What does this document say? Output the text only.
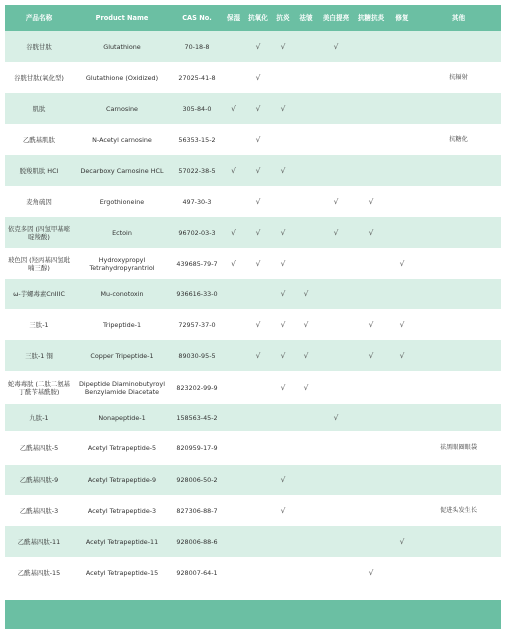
产品名称	Product Name	CAS No.	保湿	抗氧化	抗炎	祛皱	美白提亮	抗糖抗炎	修复	其他
谷胱甘肽	Glutathione	70-18-8		√	√		√			
谷胱甘肽(氧化型)	Glutathione (Oxidized)	27025-41-8		√						抗辐射
肌肽	Carnosine	305-84-0	√	√	√					
乙酰基肌肽	N-Acetyl carnosine	56353-15-2		√						抗糖化
脱羧肌肽 HCl	Decarboxy Carnosine HCL	57022-38-5	√	√	√					
麦角硫因	Ergothioneine	497-30-3		√			√	√		
依克多因 (四氢甲基嘧啶羧酸)	Ectoin	96702-03-3	√	√	√		√	√		
玻色因 (羟丙基四氢吡喃三醇)	Hydroxypropyl Tetrahydropyrantriol	439685-79-7	√	√	√				√	
ω-芋螺毒素CnIIIC	Mu-conotoxin	936616-33-0			√	√				
三肽-1	Tripeptide-1	72957-37-0		√	√	√		√	√	
三肽-1 铜	Copper Tripeptide-1	89030-95-5		√	√	√		√	√	
蛇毒毒肽 (二肽二氨基丁酰苄基酰胺)	Dipeptide Diaminobutyroyl Benzylamide Diacetate	823202-99-9			√	√				
九肽-1	Nonapeptide-1	158563-45-2					√			
乙酰基四肽-5	Acetyl Tetrapeptide-5	820959-17-9								祛黑眼圈眼袋
乙酰基四肽-9	Acetyl Tetrapeptide-9	928006-50-2			√					
乙酰基四肽-3	Acetyl Tetrapeptide-3	827306-88-7			√					促进头发生长
乙酰基四肽-11	Acetyl Tetrapeptide-11	928006-88-6							√	
乙酰基四肽-15	Acetyl Tetrapeptide-15	928007-64-1						√		
